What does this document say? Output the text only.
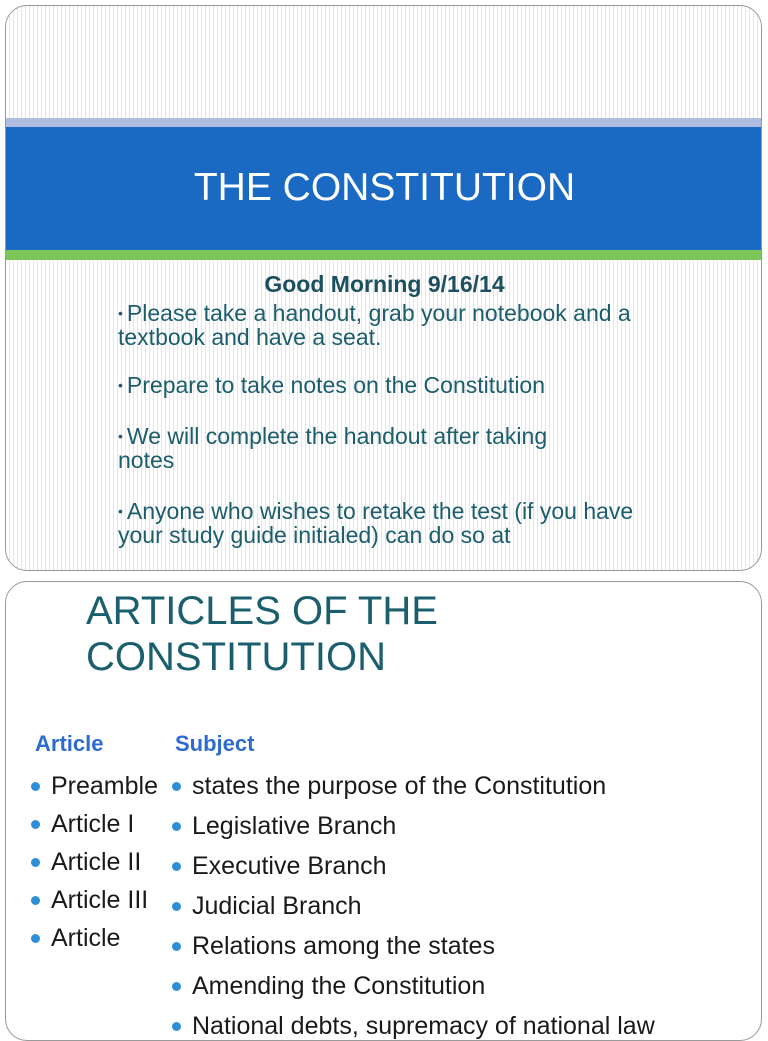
THE CONSTITUTION
Good Morning 9/16/14
• Please take a handout, grab your notebook and a textbook and have a seat.
• Prepare to take notes on the Constitution
• We will complete the handout after taking notes
• Anyone who wishes to retake the test (if you have your study guide initialed) can do so at
ARTICLES OF THE CONSTITUTION
Article	Subject
Preamble
Article I
Article II
Article III
Article
states the purpose of the Constitution
Legislative Branch
Executive Branch
Judicial Branch
Relations among the states
Amending the Constitution
National debts, supremacy of national law
